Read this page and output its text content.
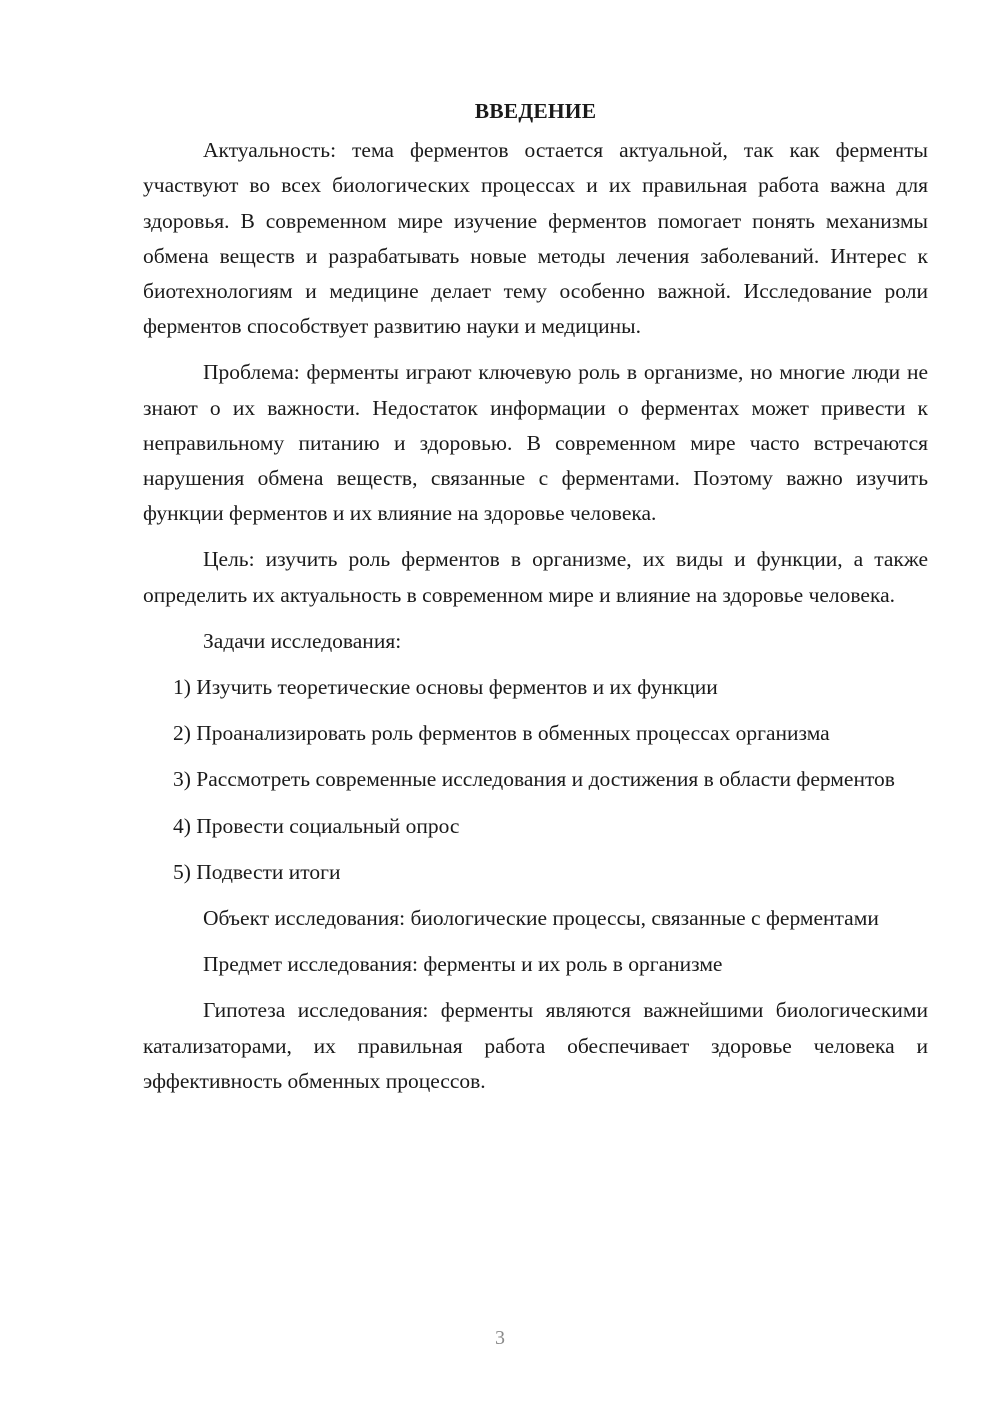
ВВЕДЕНИЕ

Актуальность: тема ферментов остается актуальной, так как ферменты участвуют во всех биологических процессах и их правильная работа важна для здоровья. В современном мире изучение ферментов помогает понять механизмы обмена веществ и разрабатывать новые методы лечения заболеваний. Интерес к биотехнологиям и медицине делает тему особенно важной. Исследование роли ферментов способствует развитию науки и медицины.

Проблема: ферменты играют ключевую роль в организме, но многие люди не знают о их важности. Недостаток информации о ферментах может привести к неправильному питанию и здоровью. В современном мире часто встречаются нарушения обмена веществ, связанные с ферментами. Поэтому важно изучить функции ферментов и их влияние на здоровье человека.

Цель: изучить роль ферментов в организме, их виды и функции, а также определить их актуальность в современном мире и влияние на здоровье человека.

Задачи исследования:

1) Изучить теоретические основы ферментов и их функции

2) Проанализировать роль ферментов в обменных процессах организма

3) Рассмотреть современные исследования и достижения в области ферментов

4) Провести социальный опрос

5) Подвести итоги

Объект исследования: биологические процессы, связанные с ферментами

Предмет исследования: ферменты и их роль в организме

Гипотеза исследования: ферменты являются важнейшими биологическими катализаторами, их правильная работа обеспечивает здоровье человека и эффективность обменных процессов.

3
